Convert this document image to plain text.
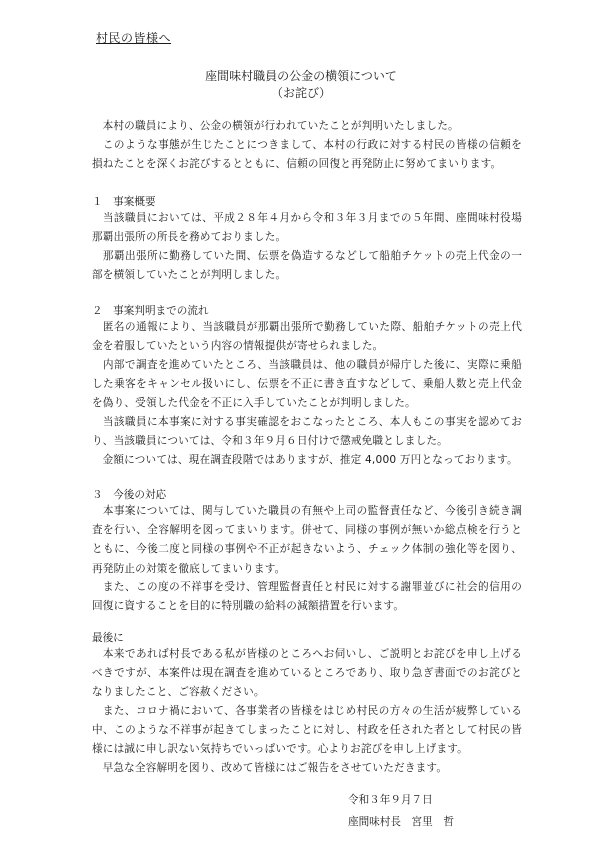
村民の皆様へ
座間味村職員の公金の横領について
（お詫び）
本村の職員により、公金の横領が行われていたことが判明いたしました。
このような事態が生じたことにつきまして、本村の行政に対する村民の皆様の信頼を損ねたことを深くお詫びするとともに、信頼の回復と再発防止に努めてまいります。
１　事案概要
当該職員においては、平成２８年４月から令和３年３月までの５年間、座間味村役場那覇出張所の所長を務めておりました。
那覇出張所に勤務していた間、伝票を偽造するなどして船舶チケットの売上代金の一部を横領していたことが判明しました。
２　事案判明までの流れ
匿名の通報により、当該職員が那覇出張所で勤務していた際、船舶チケットの売上代金を着服していたという内容の情報提供が寄せられました。
内部で調査を進めていたところ、当該職員は、他の職員が帰庁した後に、実際に乗船した乗客をキャンセル扱いにし、伝票を不正に書き直すなどして、乗船人数と売上代金を偽り、受領した代金を不正に入手していたことが判明しました。
当該職員に本事案に対する事実確認をおこなったところ、本人もこの事実を認めており、当該職員については、令和３年９月６日付けで懲戒免職としました。
金額については、現在調査段階ではありますが、推定 4,000 万円となっております。
３　今後の対応
本事案については、関与していた職員の有無や上司の監督責任など、今後引き続き調査を行い、全容解明を図ってまいります。併せて、同様の事例が無いか総点検を行うとともに、今後二度と同様の事例や不正が起きないよう、チェック体制の強化等を図り、再発防止の対策を徹底してまいります。
また、この度の不祥事を受け、管理監督責任と村民に対する謝罪並びに社会的信用の回復に資することを目的に特別職の給料の減額措置を行います。
最後に
本来であれば村長である私が皆様のところへお伺いし、ご説明とお詫びを申し上げるべきですが、本案件は現在調査を進めているところであり、取り急ぎ書面でのお詫びとなりましたこと、ご容赦ください。
また、コロナ禍において、各事業者の皆様をはじめ村民の方々の生活が疲弊している中、このような不祥事が起きてしまったことに対し、村政を任された者として村民の皆様には誠に申し訳ない気持ちでいっぱいです。心よりお詫びを申し上げます。
早急な全容解明を図り、改めて皆様にはご報告をさせていただきます。
令和３年９月７日
座間味村長　宮里　哲
